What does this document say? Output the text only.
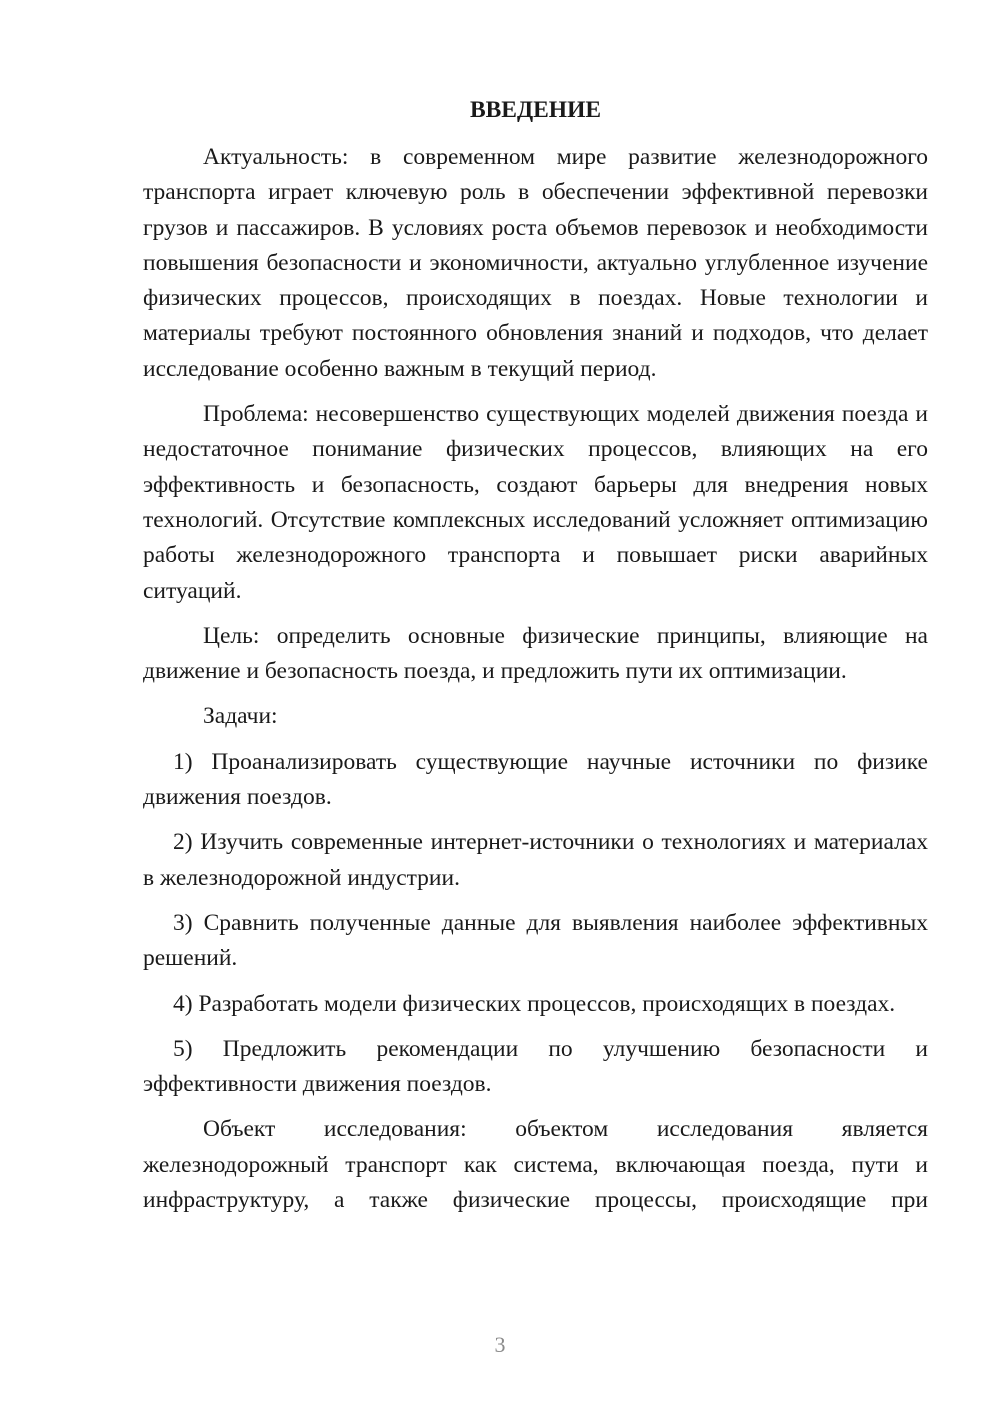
ВВЕДЕНИЕ

Актуальность: в современном мире развитие железнодорожного транспорта играет ключевую роль в обеспечении эффективной перевозки грузов и пассажиров. В условиях роста объемов перевозок и необходимости повышения безопасности и экономичности, актуально углубленное изучение физических процессов, происходящих в поездах. Новые технологии и материалы требуют постоянного обновления знаний и подходов, что делает исследование особенно важным в текущий период.

Проблема: несовершенство существующих моделей движения поезда и недостаточное понимание физических процессов, влияющих на его эффективность и безопасность, создают барьеры для внедрения новых технологий. Отсутствие комплексных исследований усложняет оптимизацию работы железнодорожного транспорта и повышает риски аварийных ситуаций.

Цель: определить основные физические принципы, влияющие на движение и безопасность поезда, и предложить пути их оптимизации.

Задачи:

1) Проанализировать существующие научные источники по физике движения поездов.

2) Изучить современные интернет-источники о технологиях и материалах в железнодорожной индустрии.

3) Сравнить полученные данные для выявления наиболее эффективных решений.

4) Разработать модели физических процессов, происходящих в поездах.

5) Предложить рекомендации по улучшению безопасности и эффективности движения поездов.

Объект исследования: объектом исследования является железнодорожный транспорт как система, включающая поезда, пути и инфраструктуру, а также физические процессы, происходящие при

3
